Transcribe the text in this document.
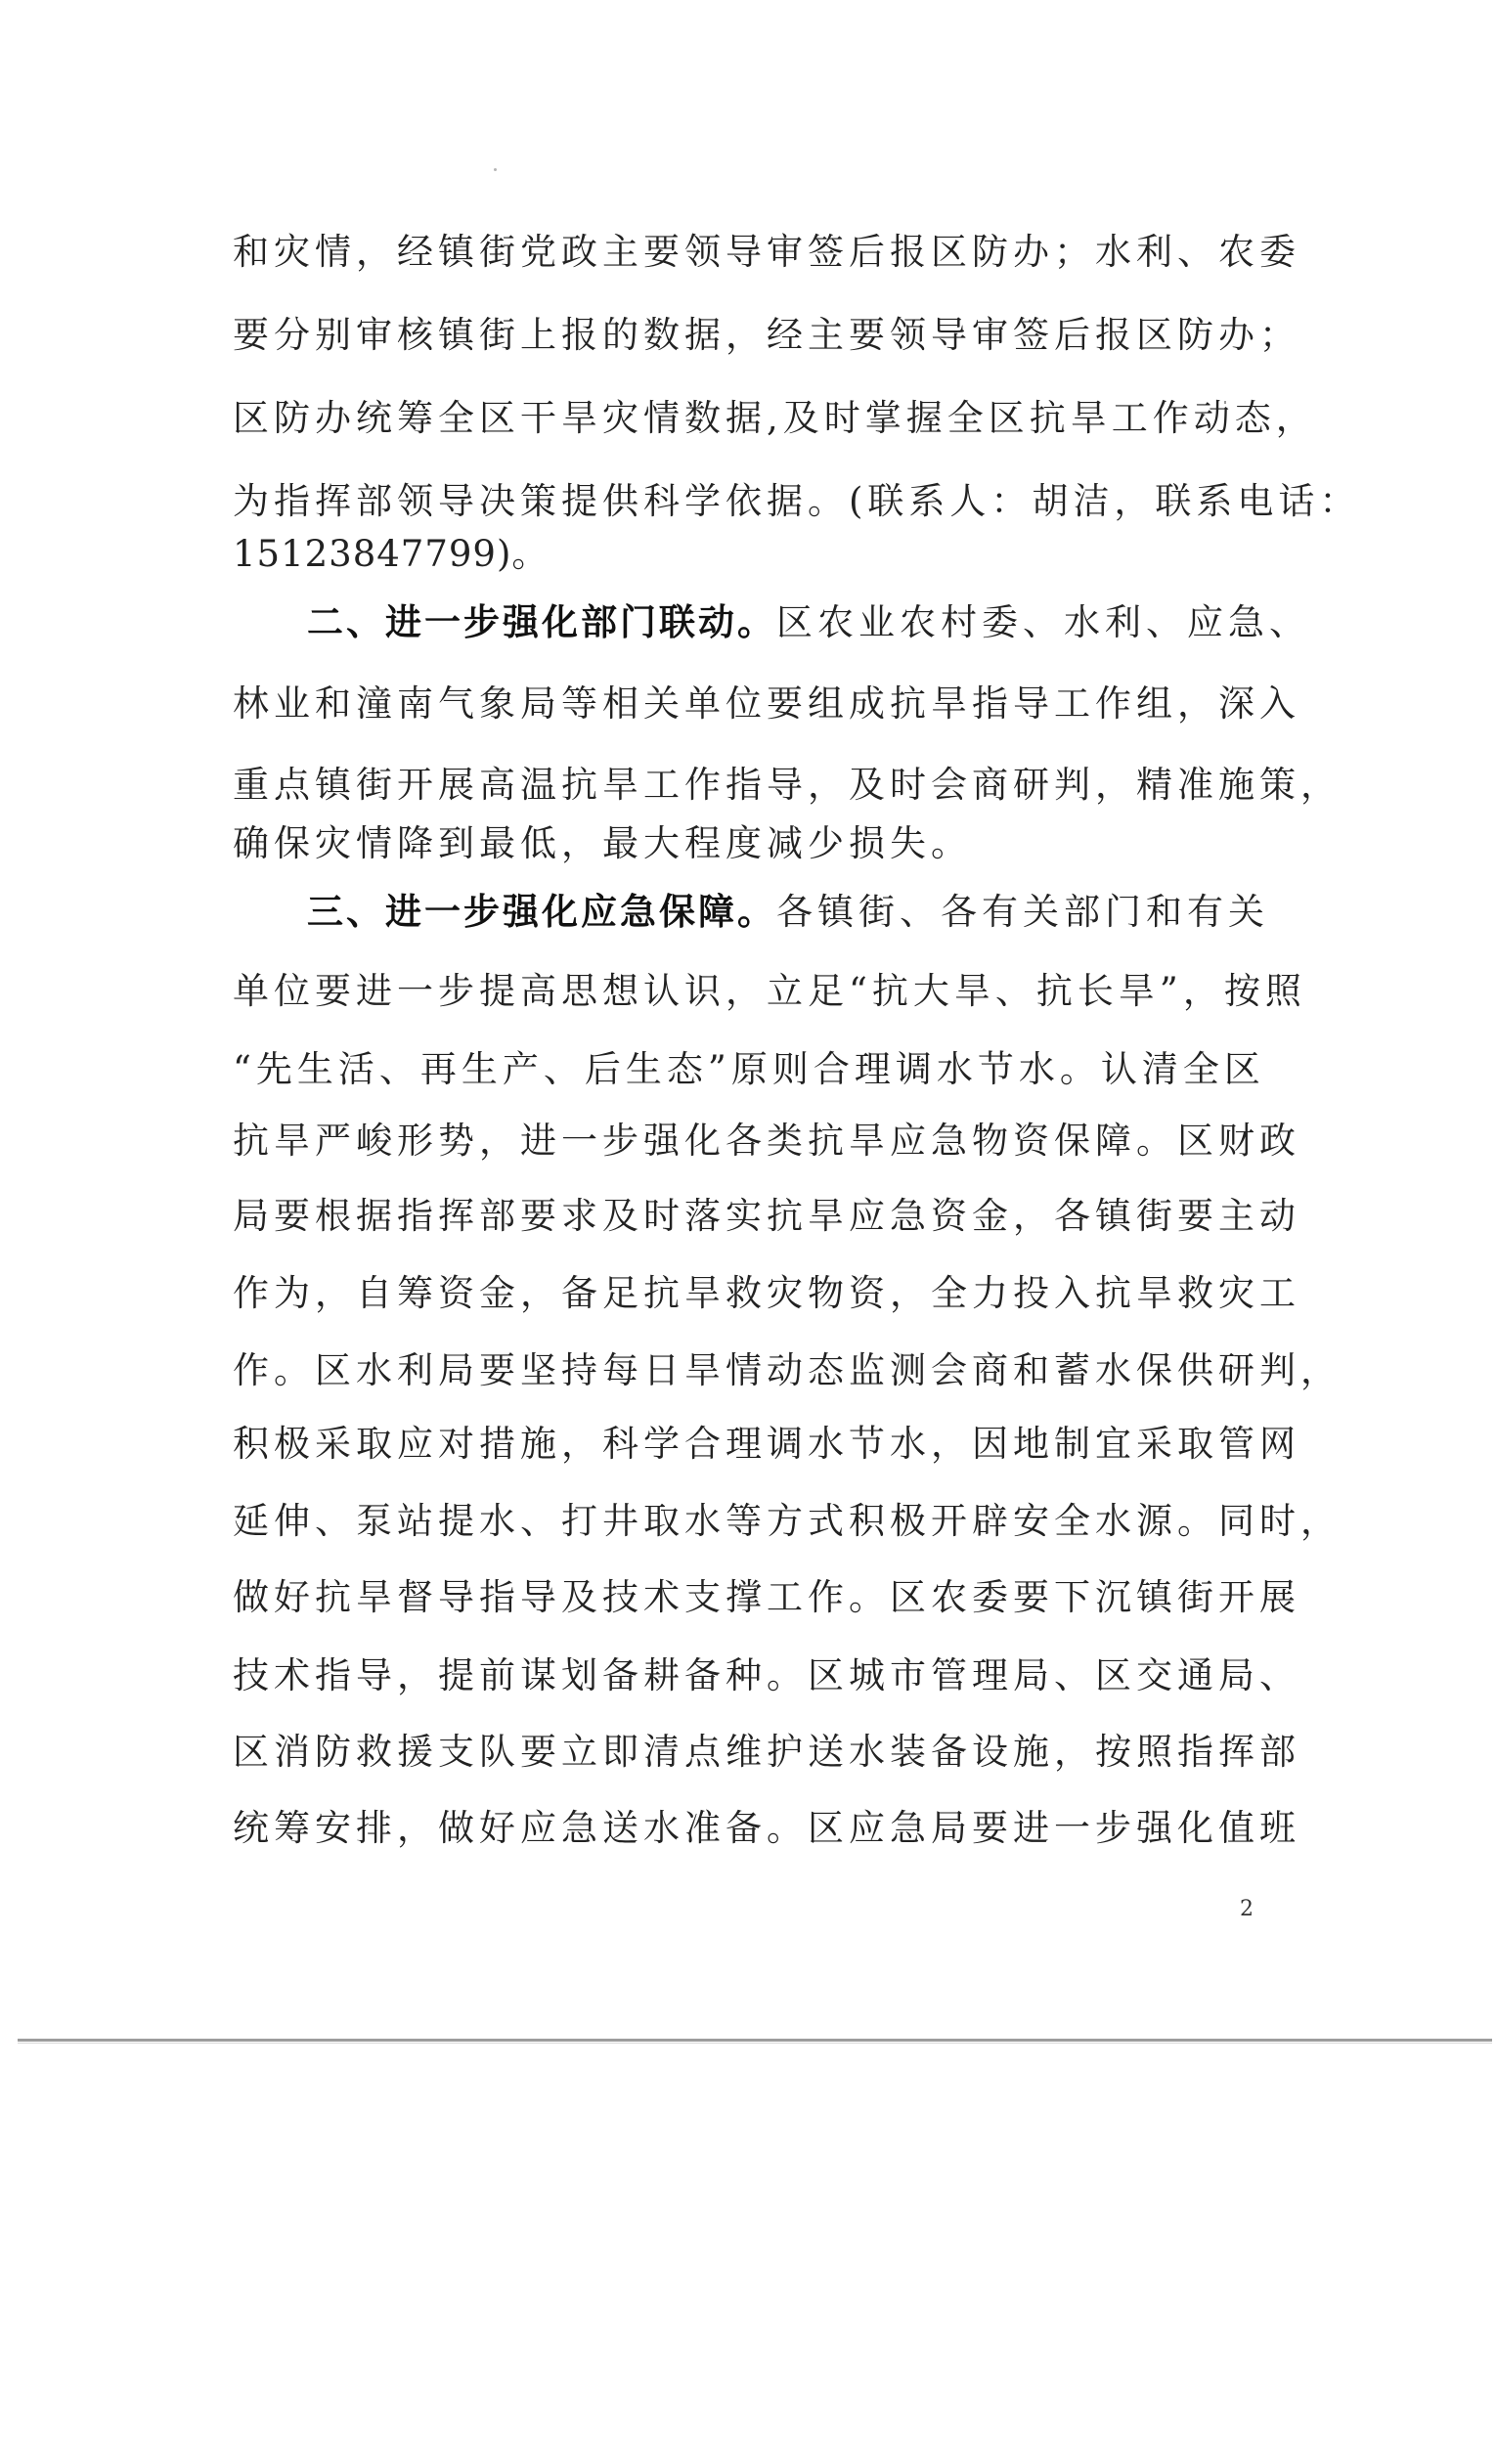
和灾情，经镇街党政主要领导审签后报区防办；水利、农委
要分别审核镇街上报的数据，经主要领导审签后报区防办；
区防办统筹全区干旱灾情数据,及时掌握全区抗旱工作动态，
为指挥部领导决策提供科学依据。(联系人：胡洁，联系电话：
15123847799)。
二、进一步强化部门联动。 区农业农村委、水利、应急、
林业和潼南气象局等相关单位要组成抗旱指导工作组，深入
重点镇街开展高温抗旱工作指导，及时会商研判，精准施策，
确保灾情降到最低，最大程度减少损失。
三、进一步强化应急保障。 各镇街、各有关部门和有关
单位要进一步提高思想认识，立足“抗大旱、抗长旱”，按照
“先生活、再生产、后生态”原则合理调水节水。认清全区
抗旱严峻形势，进一步强化各类抗旱应急物资保障。区财政
局要根据指挥部要求及时落实抗旱应急资金，各镇街要主动
作为，自筹资金，备足抗旱救灾物资，全力投入抗旱救灾工
作。区水利局要坚持每日旱情动态监测会商和蓄水保供研判，
积极采取应对措施，科学合理调水节水，因地制宜采取管网
延伸、泵站提水、打井取水等方式积极开辟安全水源。同时，
做好抗旱督导指导及技术支撑工作。区农委要下沉镇街开展
技术指导，提前谋划备耕备种。区城市管理局、区交通局、
区消防救援支队要立即清点维护送水装备设施，按照指挥部
统筹安排，做好应急送水准备。区应急局要进一步强化值班
2
